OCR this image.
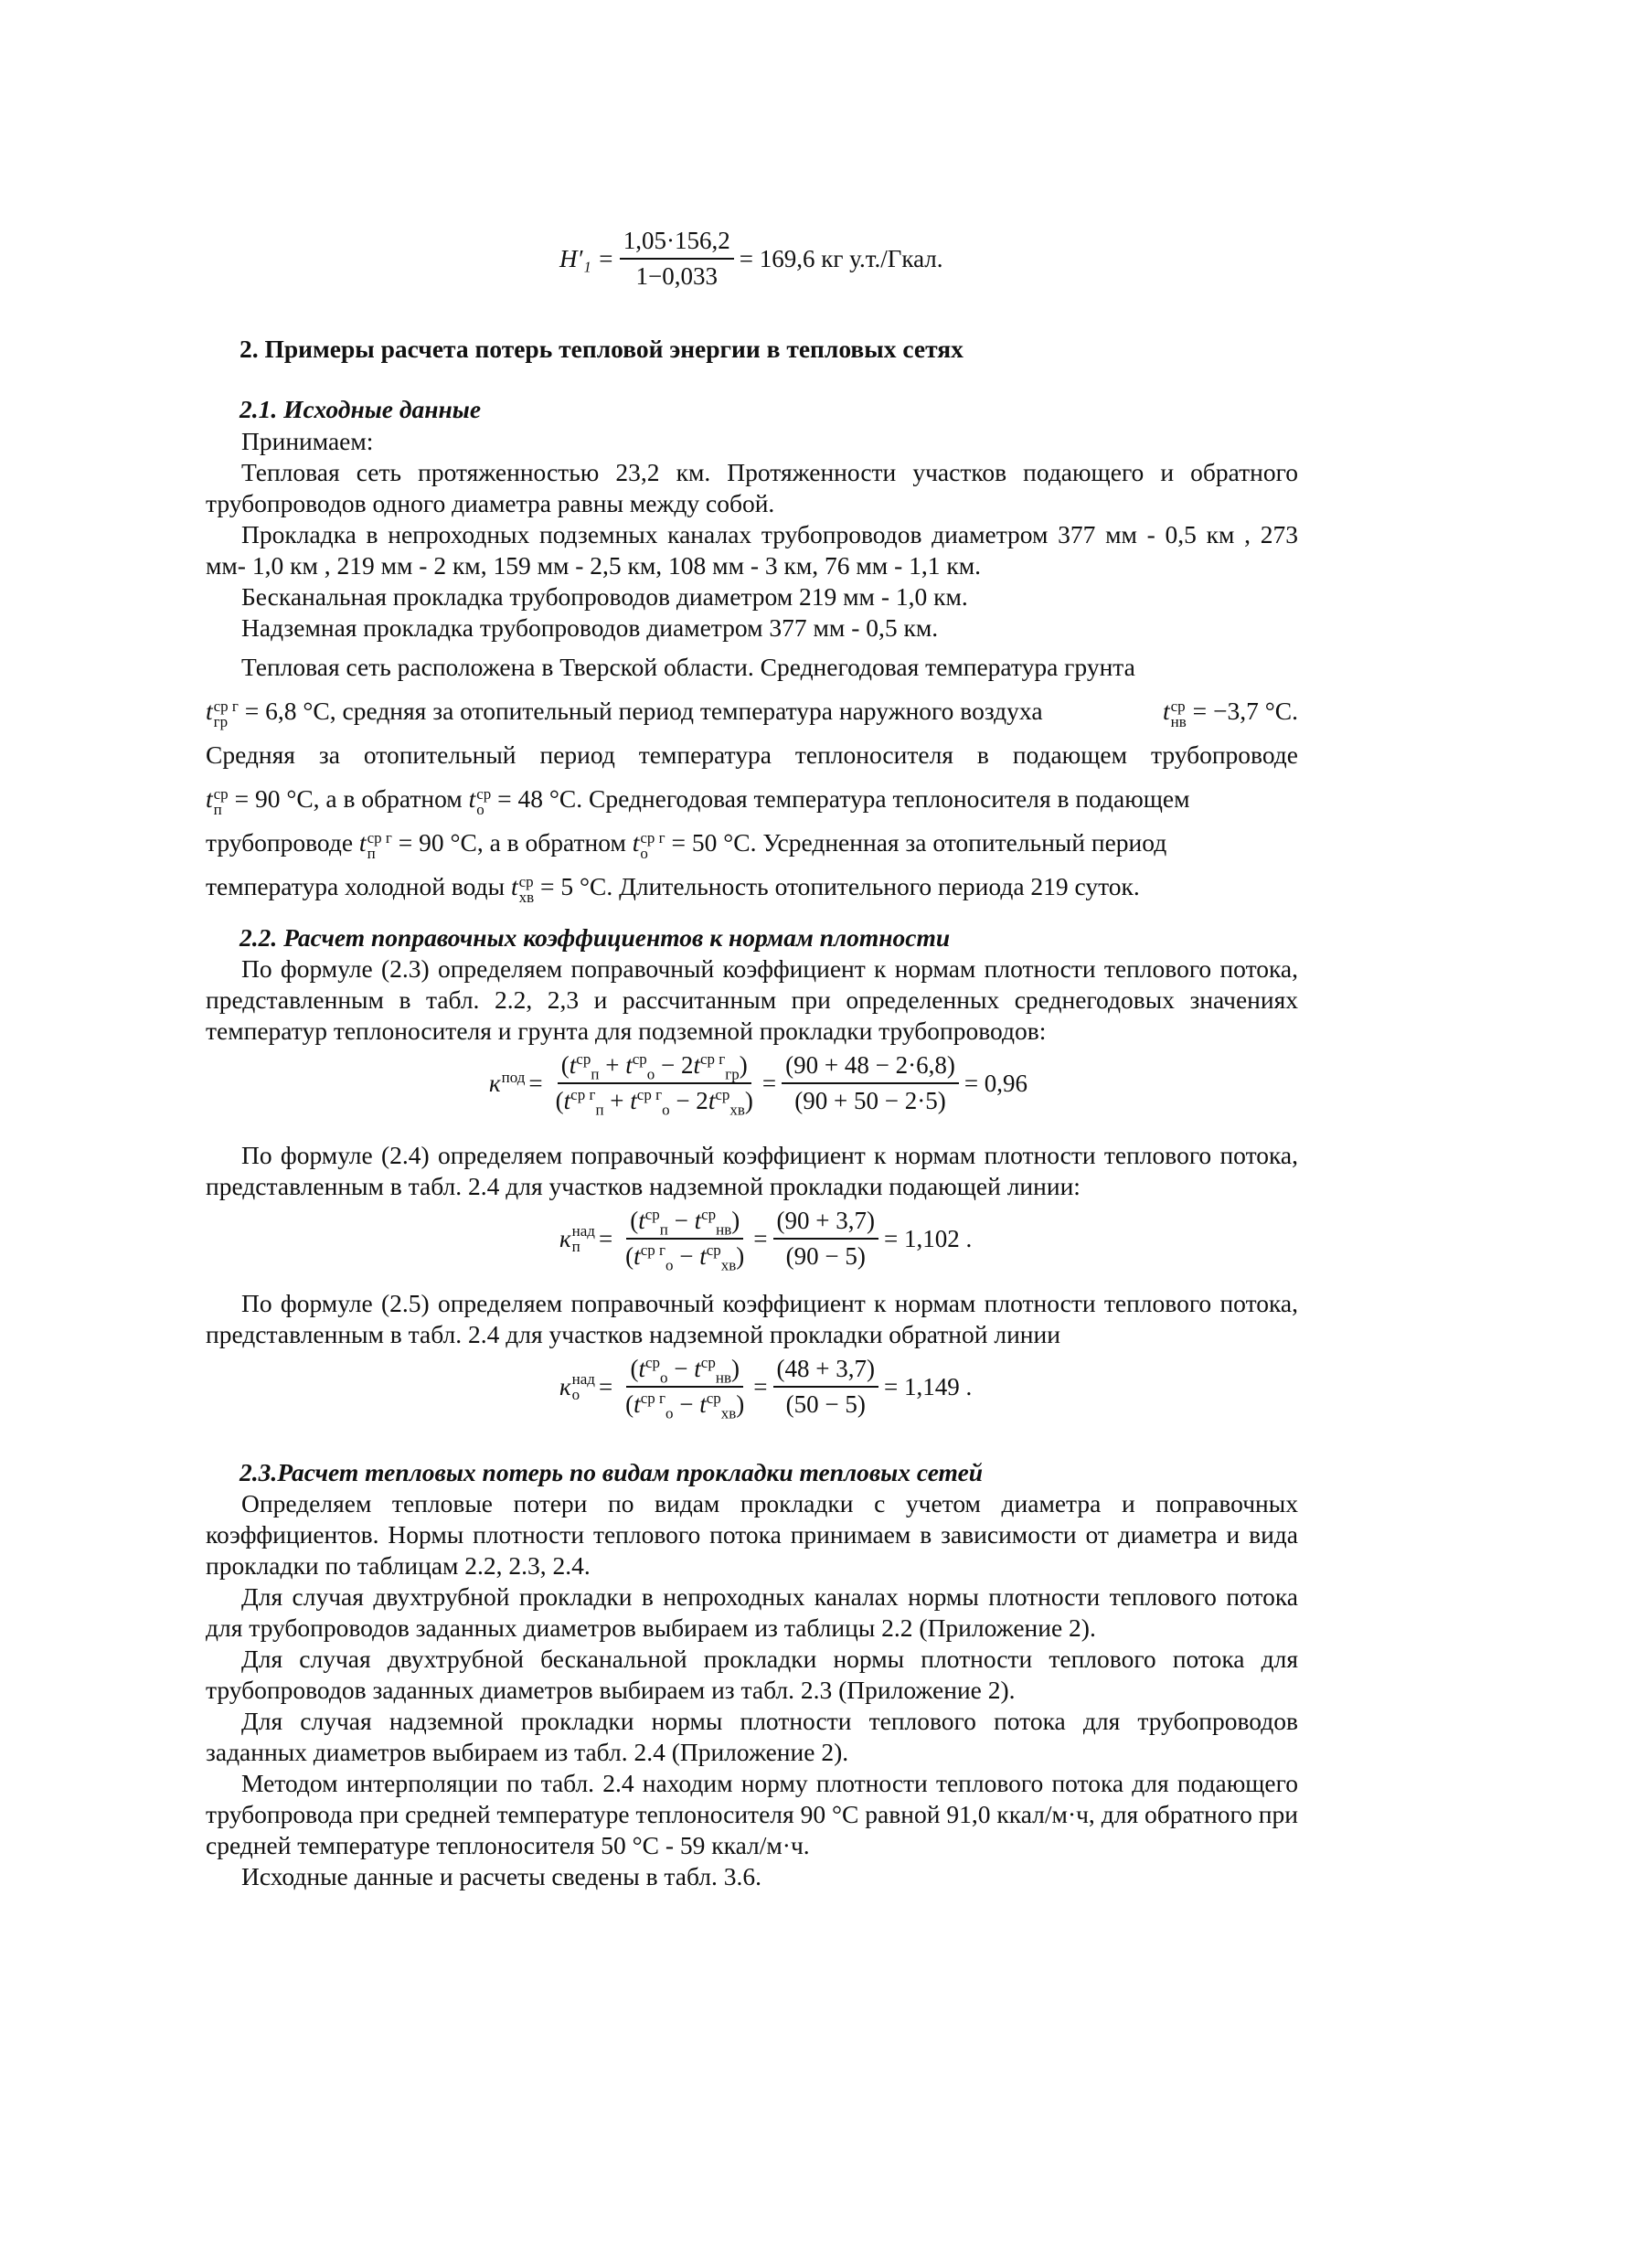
$H'_1 = \frac{1,05\cdot 156,2}{1-0,033} = 169,6$ кг у.т./Гкал.
2. Примеры расчета потерь тепловой энергии в тепловых сетях
2.1. Исходные данные

Принимаем:

Тепловая сеть протяженностью 23,2 км. Протяженности участков подающего и обратного трубопроводов одного диаметра равны между собой.

Прокладка в непроходных подземных каналах трубопроводов диаметром 377 мм - 0,5 км , 273 мм- 1,0 км , 219 мм - 2 км, 159 мм - 2,5 км, 108 мм - 3 км, 76 мм - 1,1 км.

Бесканальная прокладка трубопроводов диаметром 219 мм - 1,0 км.

Надземная прокладка трубопроводов диаметром 377 мм - 0,5 км.

Тепловая сеть расположена в Тверской области. Среднегодовая температура грунта
t ср г
гр = 6,8 °С, средняя за отопительный период температура наружного воздуха	t ср
нв = −3,7 °С.
Средняя за отопительный период температура теплоносителя в подающем трубопроводе
t ср
п = 90 °С, а в обратном t ср
о = 48 °С. Среднегодовая температура теплоносителя в подающем
трубопроводе t ср г
п = 90 °С, а в обратном t ср г
о = 50 °С. Усредненная за отопительный период
температура холодной воды t ср
хв = 5 °С. Длительность отопительного периода 219 суток.
2.2. Расчет поправочных коэффициентов к нормам плотности

По формуле (2.3) определяем поправочный коэффициент к нормам плотности теплового потока, представленным в табл. 2.2, 2,3 и рассчитанным при определенных среднегодовых значениях температур теплоносителя и грунта для подземной прокладки трубопроводов:

к под = $\frac{(t^{ср}_п + t^{ср}_о - 2t^{ср г}_{гр})}{(t^{ср г}_п + t^{ср г}_о - 2t^{ср}_{хв})} = \frac{(90 + 48 - 2\cdot 6,8)}{(90 + 50 - 2\cdot 5)} = 0,96$

По формуле (2.4) определяем поправочный коэффициент к нормам плотности теплового потока, представленным в табл. 2.4 для участков надземной прокладки подающей линии:

к над
$п = \frac{(t^{ср}_п - t^{ср}_{нв})}{(t^{ср г}_о - t^{ср}_{хв})} = \frac{(90 + 3,7)}{(90 - 5)} = 1,102$ .

По формуле (2.5) определяем поправочный коэффициент к нормам плотности теплового потока, представленным в табл. 2.4 для участков надземной прокладки обратной линии

к над
$о = \frac{(t^{ср}_о - t^{ср}_{нв})}{(t^{ср г}_о - t^{ср}_{хв})} = \frac{(48 + 3,7)}{(50 - 5)} = 1,149$ .
2.3.Расчет тепловых потерь по видам прокладки тепловых сетей

Определяем тепловые потери по видам прокладки с учетом диаметра и поправочных коэффициентов. Нормы плотности теплового потока принимаем в зависимости от диаметра и вида прокладки по таблицам 2.2, 2.3, 2.4.

Для случая двухтрубной прокладки в непроходных каналах нормы плотности теплового потока для трубопроводов заданных диаметров выбираем из таблицы 2.2 (Приложение 2).

Для случая двухтрубной бесканальной прокладки нормы плотности теплового потока для трубопроводов заданных диаметров выбираем из табл. 2.3 (Приложение 2).

Для случая надземной прокладки нормы плотности теплового потока для трубопроводов заданных диаметров выбираем из табл. 2.4 (Приложение 2).

Методом интерполяции по табл. 2.4 находим норму плотности теплового потока для подающего трубопровода при средней температуре теплоносителя 90 °С равной 91,0 ккал/м·ч, для обратного при средней температуре теплоносителя 50 °С - 59 ккал/м·ч.

Исходные данные и расчеты сведены в табл. 3.6.
